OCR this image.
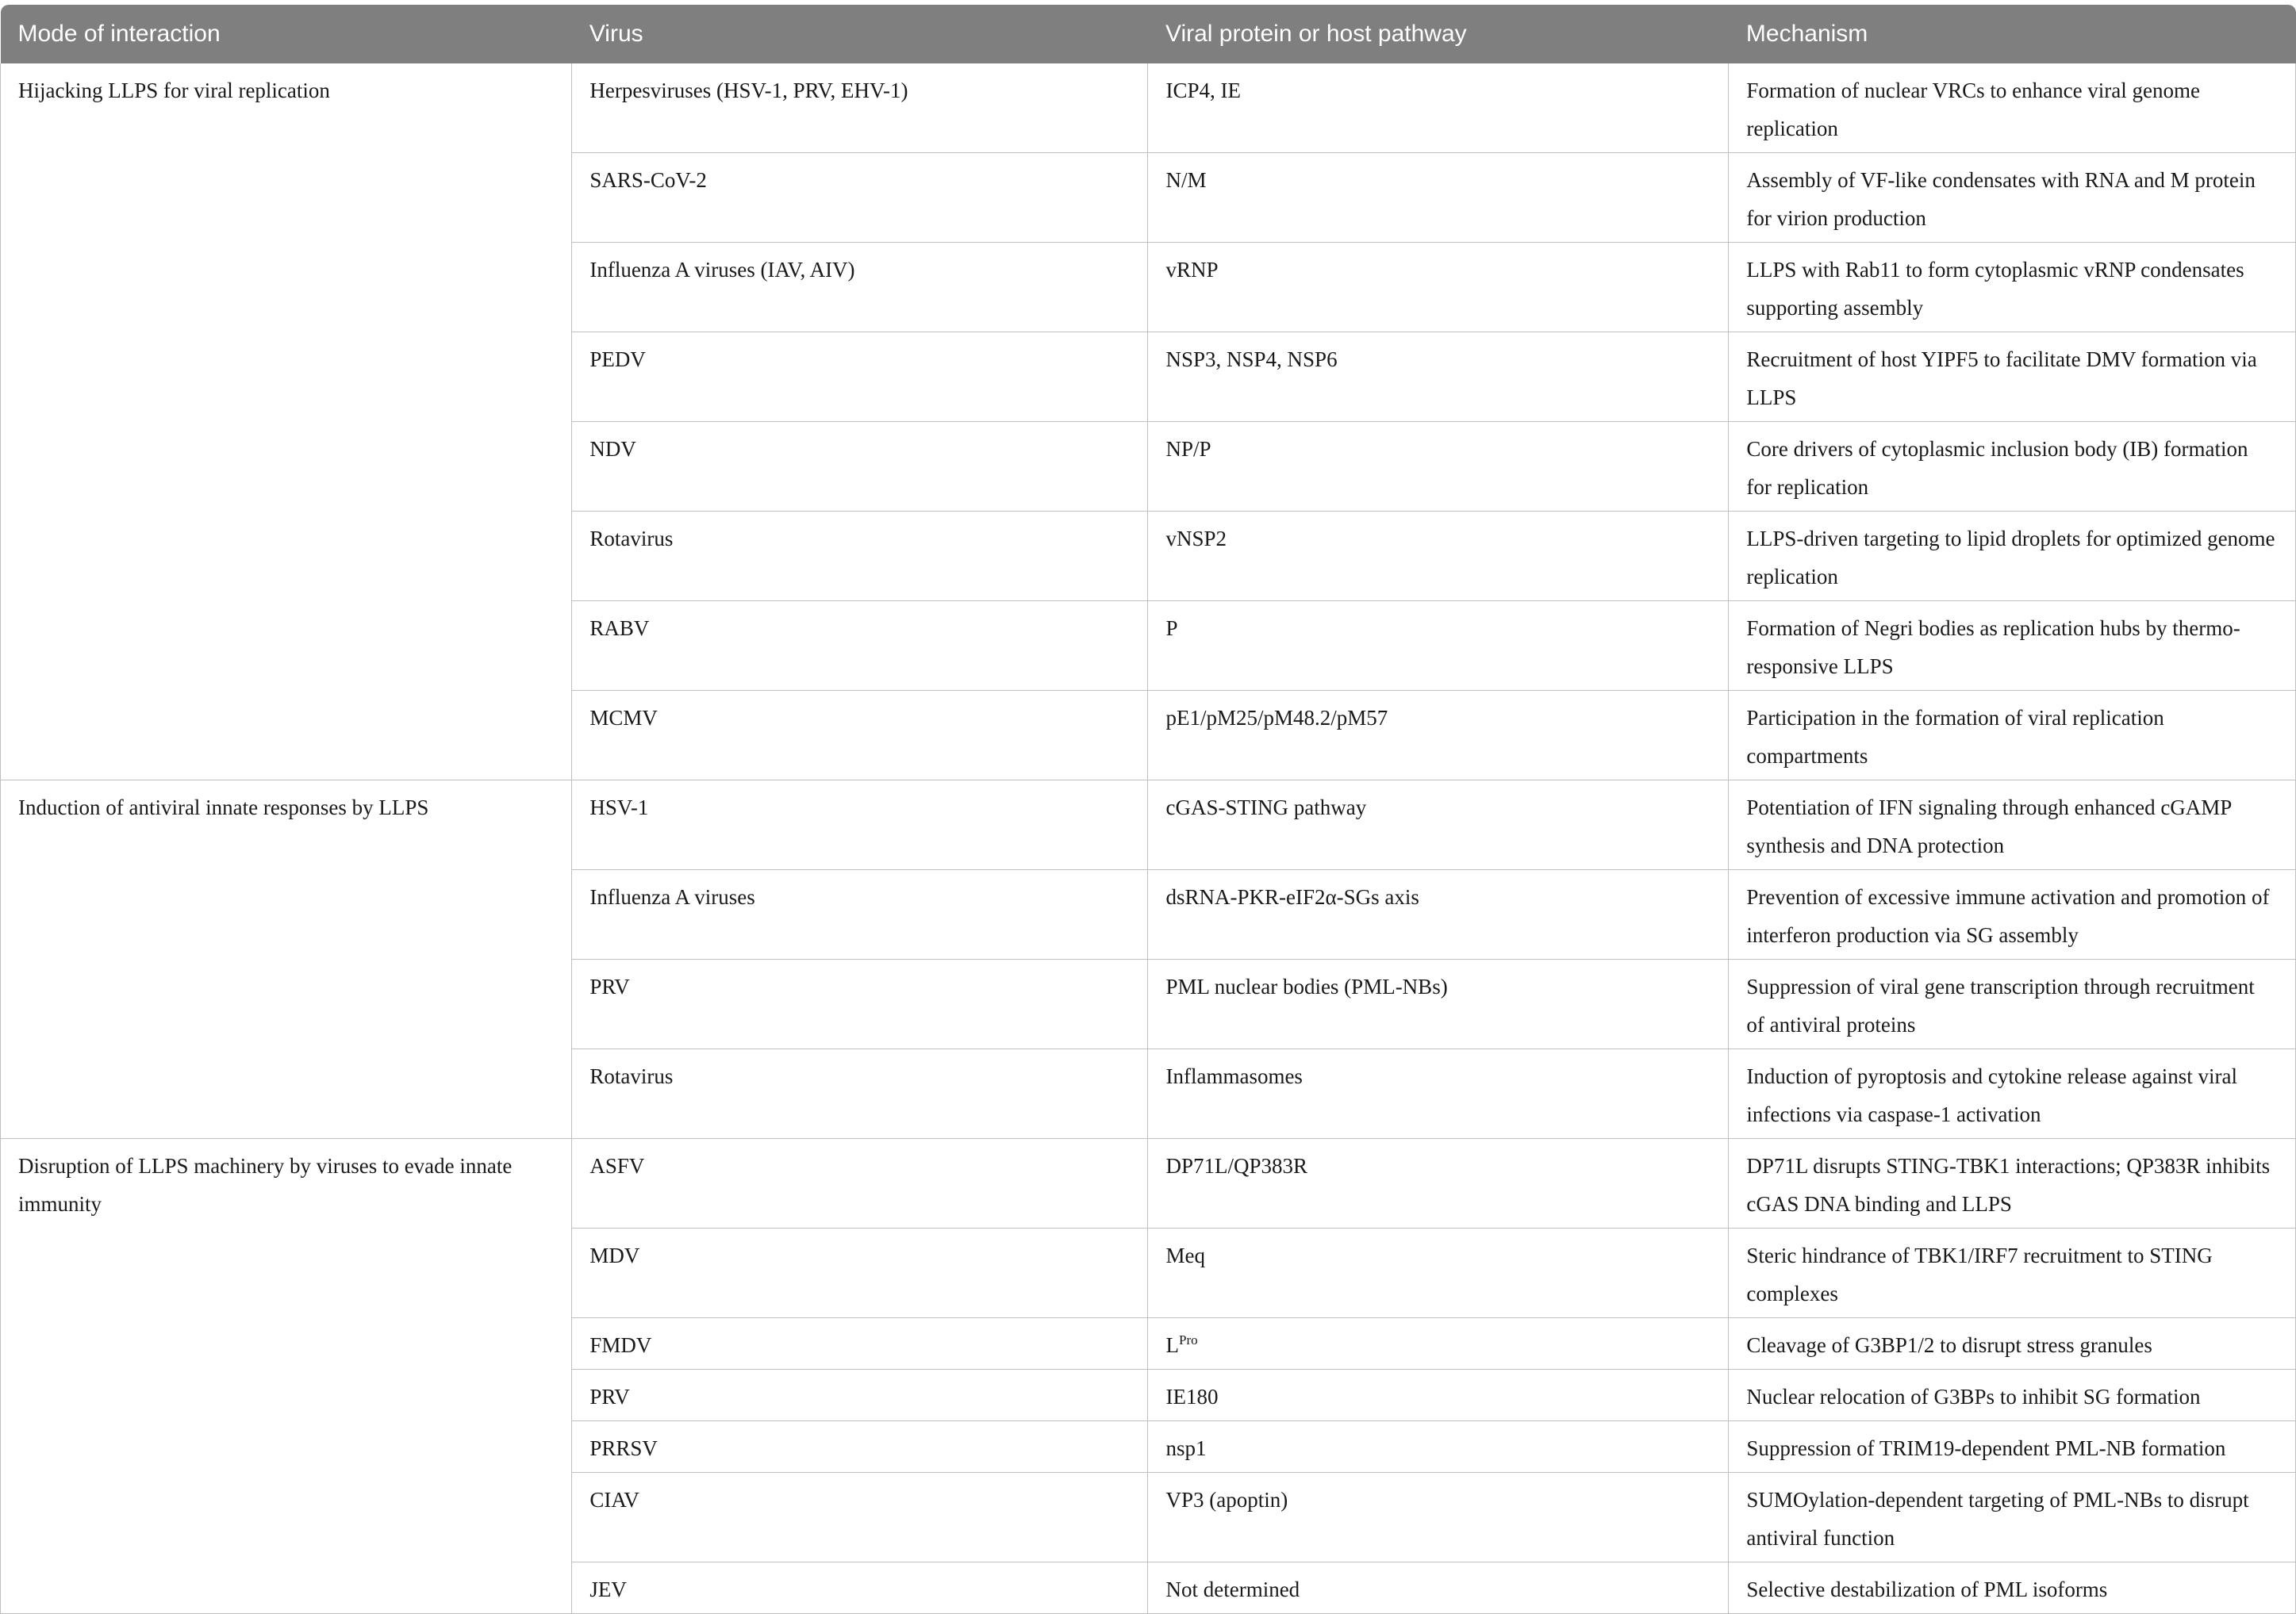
Mode of interaction	Virus	Viral protein or host pathway	Mechanism
Hijacking LLPS for viral replication	Herpesviruses (HSV-1, PRV, EHV-1)	ICP4, IE	Formation of nuclear VRCs to enhance viral genome replication
	SARS-CoV-2	N/M	Assembly of VF-like condensates with RNA and M protein for virion production
	Influenza A viruses (IAV, AIV)	vRNP	LLPS with Rab11 to form cytoplasmic vRNP condensates supporting assembly
	PEDV	NSP3, NSP4, NSP6	Recruitment of host YIPF5 to facilitate DMV formation via LLPS
	NDV	NP/P	Core drivers of cytoplasmic inclusion body (IB) formation for replication
	Rotavirus	vNSP2	LLPS-driven targeting to lipid droplets for optimized genome replication
	RABV	P	Formation of Negri bodies as replication hubs by thermo-responsive LLPS
	MCMV	pE1/pM25/pM48.2/pM57	Participation in the formation of viral replication compartments
Induction of antiviral innate responses by LLPS	HSV-1	cGAS-STING pathway	Potentiation of IFN signaling through enhanced cGAMP synthesis and DNA protection
	Influenza A viruses	dsRNA-PKR-eIF2α-SGs axis	Prevention of excessive immune activation and promotion of interferon production via SG assembly
	PRV	PML nuclear bodies (PML-NBs)	Suppression of viral gene transcription through recruitment of antiviral proteins
	Rotavirus	Inflammasomes	Induction of pyroptosis and cytokine release against viral infections via caspase-1 activation
Disruption of LLPS machinery by viruses to evade innate immunity	ASFV	DP71L/QP383R	DP71L disrupts STING-TBK1 interactions; QP383R inhibits cGAS DNA binding and LLPS
	MDV	Meq	Steric hindrance of TBK1/IRF7 recruitment to STING complexes
	FMDV	$L^{Pro}$	Cleavage of G3BP1/2 to disrupt stress granules
	PRV	IE180	Nuclear relocation of G3BPs to inhibit SG formation
	PRRSV	nsp1	Suppression of TRIM19-dependent PML-NB formation
	CIAV	VP3 (apoptin)	SUMOylation-dependent targeting of PML-NBs to disrupt antiviral function
	JEV	Not determined	Selective destabilization of PML isoforms
